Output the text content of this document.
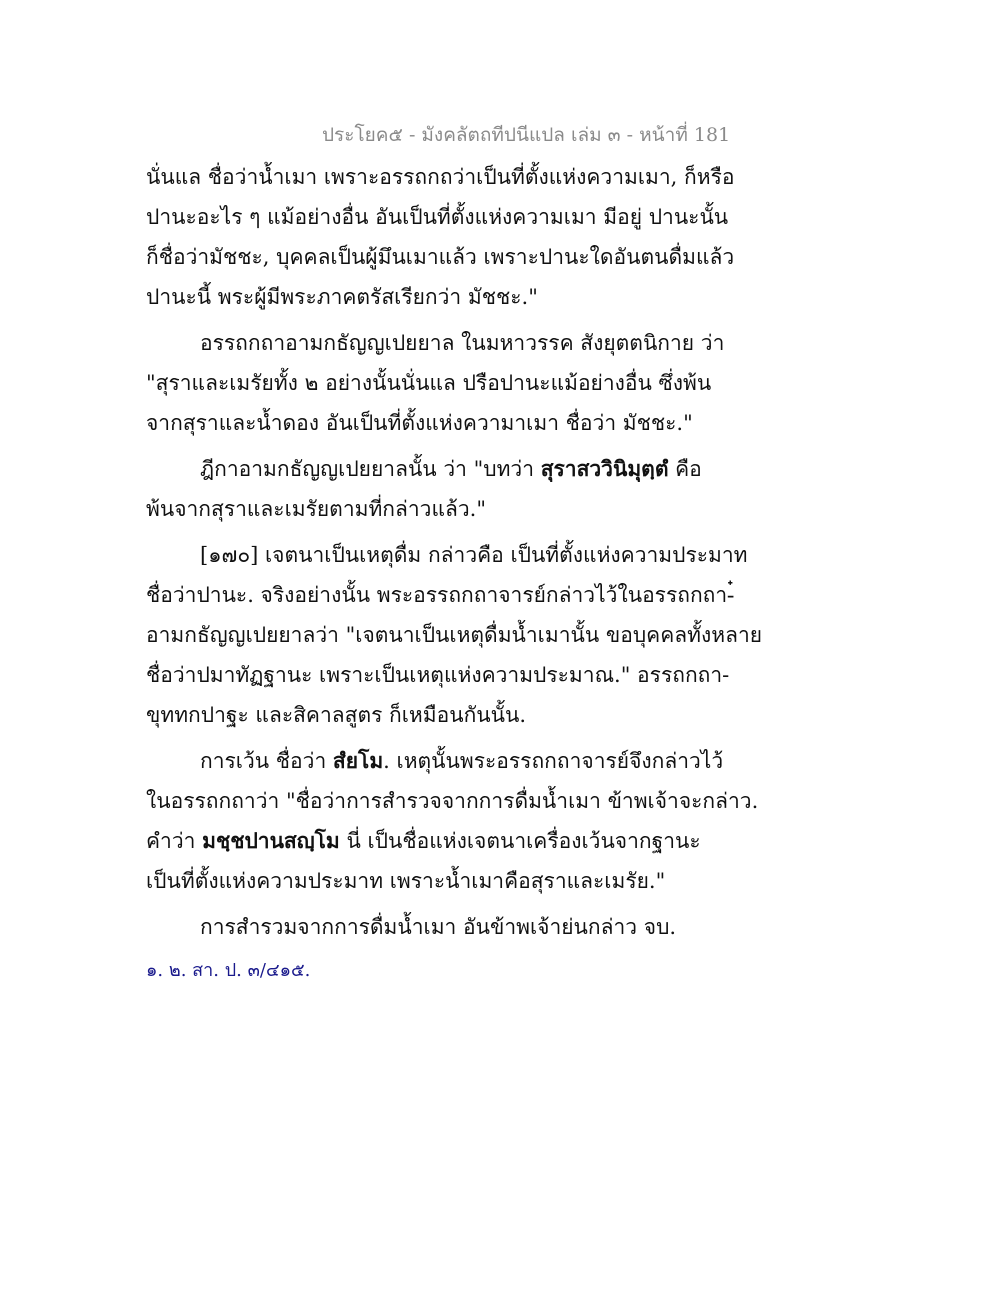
ประโยค๕ - มังคลัตถทีปนีแปล เล่ม ๓ - หน้าที่ 181
นั่นแล ชื่อว่าน้ำเมา เพราะอรรถกถว่าเป็นที่ตั้งแห่งความเมา, ก็หรือ
ปานะอะไร ๆ แม้อย่างอื่น อันเป็นที่ตั้งแห่งความเมา มีอยู่ ปานะนั้น
ก็ชื่อว่ามัชชะ, บุคคลเป็นผู้มึนเมาแล้ว เพราะปานะใดอันตนดื่มแล้ว
ปานะนี้ พระผู้มีพระภาคตรัสเรียกว่า มัชชะ."
อรรถกถาอามกธัญญเปยยาล ในมหาวรรค สังยุตตนิกาย ว่า
"สุราและเมรัยทั้ง ๒ อย่างนั้นนั่นแล ปรือปานะแม้อย่างอื่น ซึ่งพ้น
จากสุราและน้ำดอง อันเป็นที่ตั้งแห่งความาเมา ชื่อว่า มัชชะ."
ฎีกาอามกธัญญเปยยาลนั้น ว่า "บทว่า สุราสววินิมุตฺตํ คือ
พ้นจากสุราและเมรัยตามที่กล่าวแล้ว."
[๑๗๐] เจตนาเป็นเหตุดื่ม กล่าวคือ เป็นที่ตั้งแห่งความประมาท
ชื่อว่าปานะ. จริงอย่างนั้น พระอรรถกถาจารย์กล่าวไว้ในอรรถกถา-๋
อามกธัญญเปยยาลว่า "เจตนาเป็นเหตุดื่มน้ำเมานั้น ขอบุคคลทั้งหลาย
ชื่อว่าปมาทัฏฐานะ เพราะเป็นเหตุแห่งความประมาณ." อรรถกถา-
ขุททกปาฐะ และสิคาลสูตร ก็เหมือนกันนั้น.
การเว้น ชื่อว่า สํยโม. เหตุนั้นพระอรรถกถาจารย์จึงกล่าวไว้
ในอรรถกถาว่า "ชื่อว่าการสำรวจจากการดื่มน้ำเมา ข้าพเจ้าจะกล่าว.
คำว่า มชฺชปานสญฺโม นี่ เป็นชื่อแห่งเจตนาเครื่องเว้นจากฐานะ
เป็นที่ตั้งแห่งความประมาท เพราะน้ำเมาคือสุราและเมรัย."
การสำรวมจากการดื่มน้ำเมา อันข้าพเจ้าย่นกล่าว จบ.
๑. ๒. สา. ป. ๓/๔๑๕.
